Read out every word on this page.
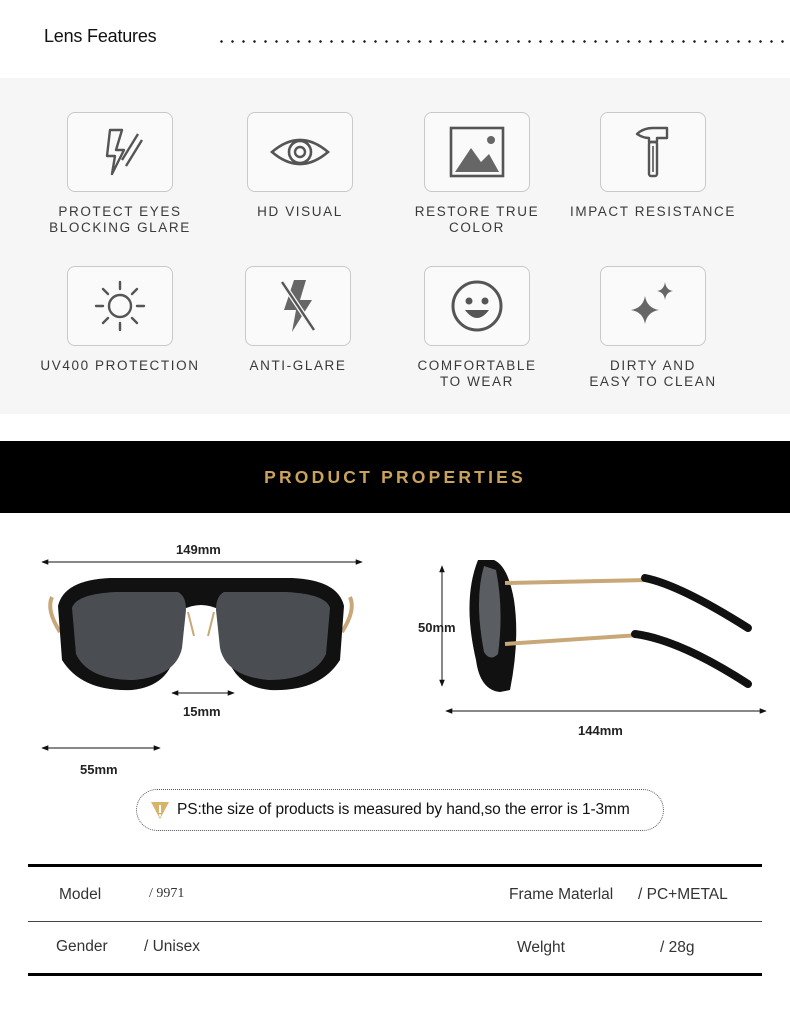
Lens Features
PROTECT EYES
BLOCKING GLARE
HD VISUAL	RESTORE TRUE COLOR
IMPACT RESISTANCE
UV400 PROTECTION	ANTI-GLARE	COMFORTABLE
TO WEAR
DIRTY AND
EASY TO CLEAN
PRODUCT PROPERTIES
149mm
15mm
55mm
50mm
144mm
PS:the size of products is measured by hand,so the error is 1-3mm
Model	/ 9971	Frame Materlal / PC+METAL
Gender / Unisex	Welght	/ 28g
